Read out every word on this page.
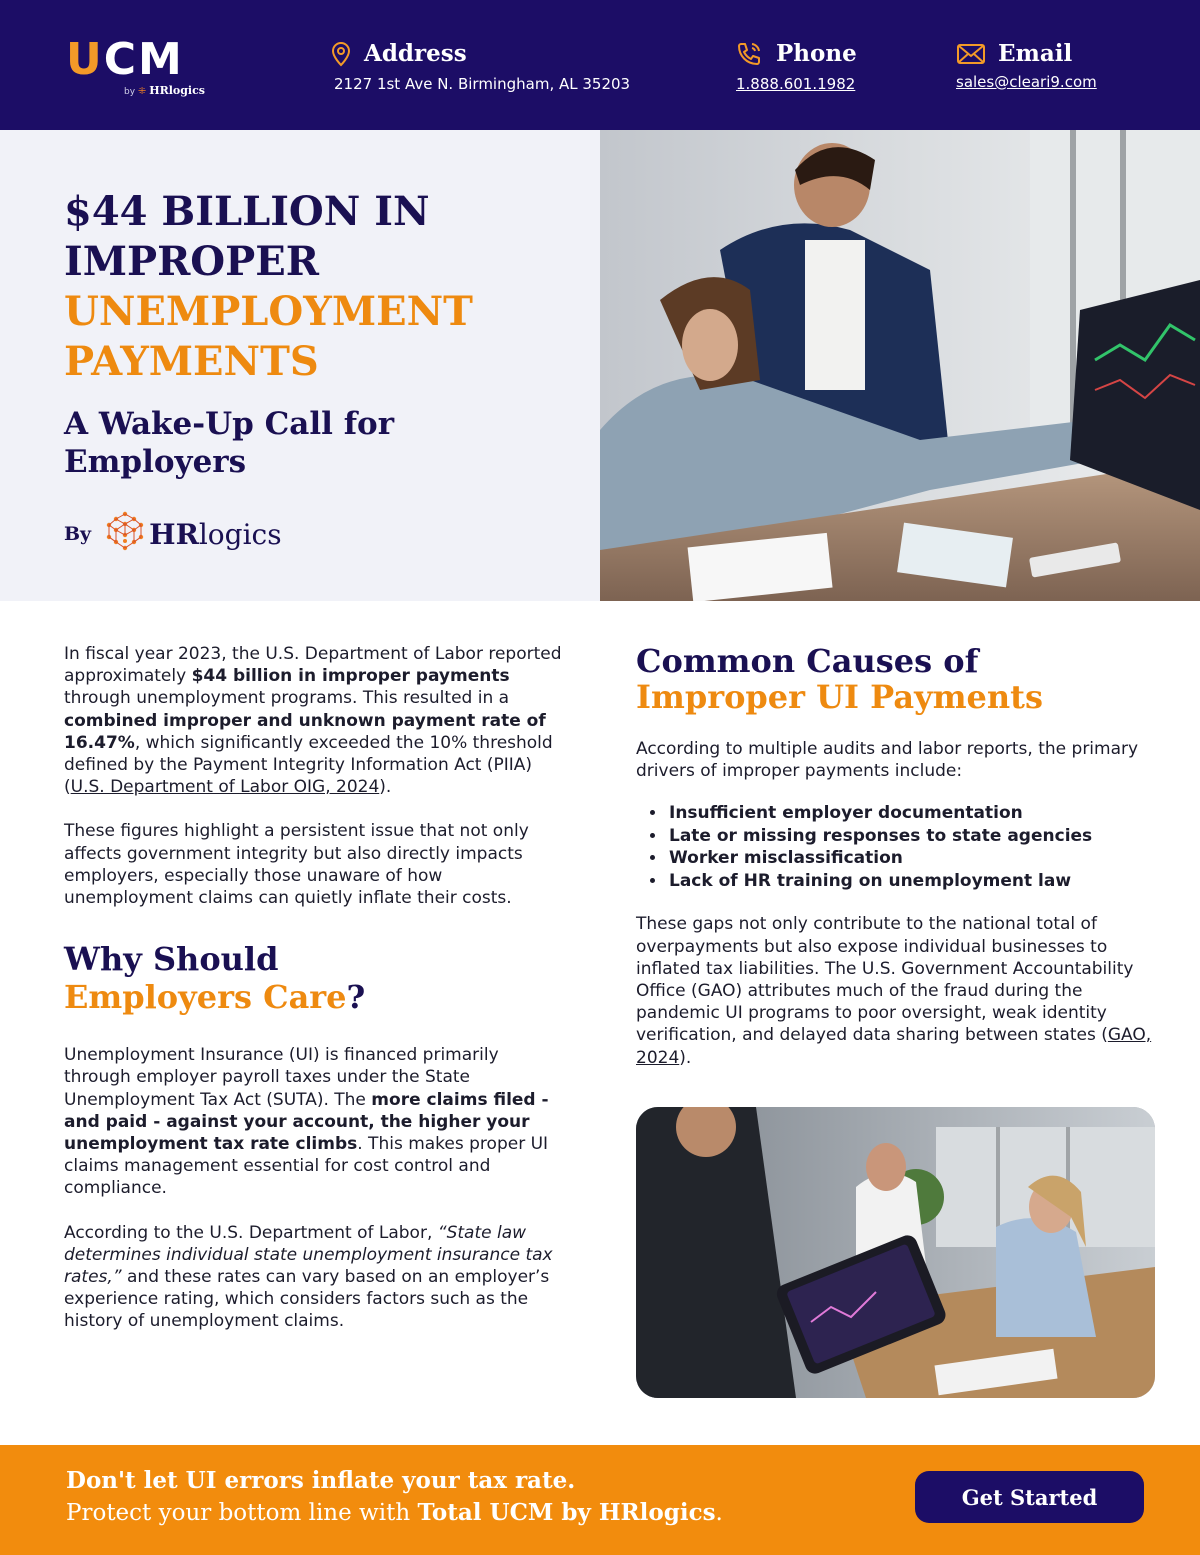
UCM
by ⁜ HRlogics
Address
2127 1st Ave N. Birmingham, AL 35203
Phone
1.888.601.1982
Email
sales@cleari9.com
$44 BILLION IN
IMPROPER
UNEMPLOYMENT
PAYMENTS
A Wake-Up Call for Employers
By HRlogics

In fiscal year 2023, the U.S. Department of Labor reported approximately $44 billion in improper payments through unemployment programs. This resulted in a combined improper and unknown payment rate of 16.47%, which significantly exceeded the 10% threshold defined by the Payment Integrity Information Act (PIIA) (U.S. Department of Labor OIG, 2024).

These figures highlight a persistent issue that not only affects government integrity but also directly impacts employers, especially those unaware of how unemployment claims can quietly inflate their costs.

Why Should
Employers Care?

Unemployment Insurance (UI) is financed primarily through employer payroll taxes under the State Unemployment Tax Act (SUTA). The more claims filed - and paid - against your account, the higher your unemployment tax rate climbs. This makes proper UI claims management essential for cost control and compliance.

According to the U.S. Department of Labor, “State law determines individual state unemployment insurance tax rates,” and these rates can vary based on an employer’s experience rating, which considers factors such as the history of unemployment claims.

Common Causes of Improper UI Payments

According to multiple audits and labor reports, the primary drivers of improper payments include:

• Insufficient employer documentation
• Late or missing responses to state agencies
• Worker misclassification
• Lack of HR training on unemployment law

These gaps not only contribute to the national total of overpayments but also expose individual businesses to inflated tax liabilities. The U.S. Government Accountability Office (GAO) attributes much of the fraud during the pandemic UI programs to poor oversight, weak identity verification, and delayed data sharing between states (GAO, 2024).

Don't let UI errors inflate your tax rate.
Protect your bottom line with Total UCM by HRlogics.
Get Started
